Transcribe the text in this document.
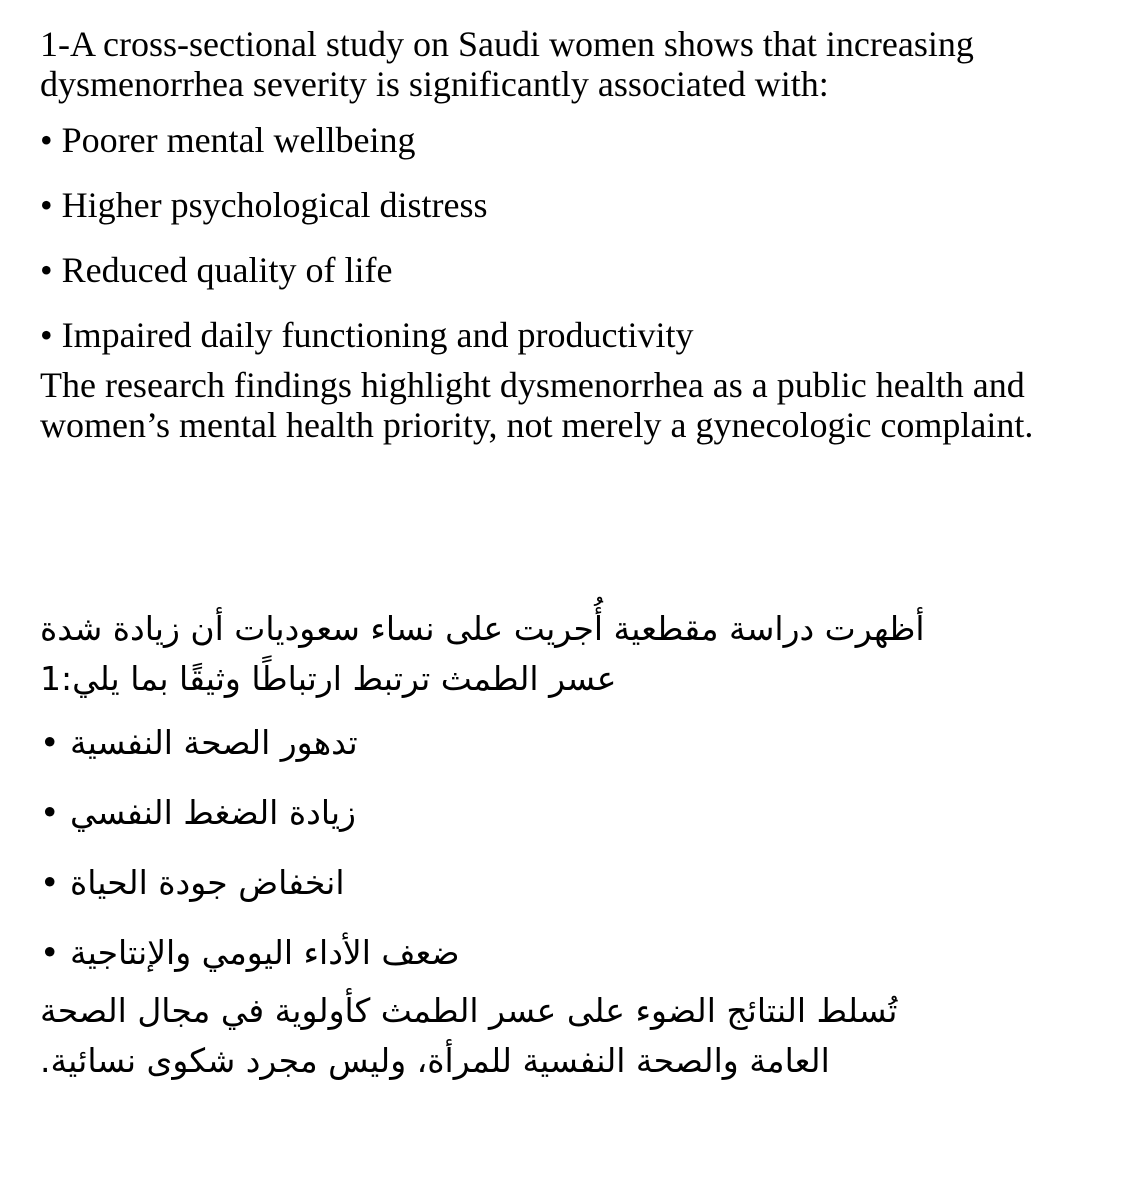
1-A cross-sectional study on Saudi women shows that increasing dysmenorrhea severity is significantly associated with:

• Poorer mental wellbeing

• Higher psychological distress

• Reduced quality of life

• Impaired daily functioning and productivity

The research findings highlight dysmenorrhea as a public health and women’s mental health priority, not merely a gynecologic complaint.

أظهرت دراسة مقطعية أُجريت على نساء سعوديات أن زيادة شدة
عسر الطمث ترتبط ارتباطًا وثيقًا بما يلي:1

تدهور الصحة النفسية •

زيادة الضغط النفسي •

انخفاض جودة الحياة •

ضعف الأداء اليومي والإنتاجية •

تُسلط النتائج الضوء على عسر الطمث كأولوية في مجال الصحة
العامة والصحة النفسية للمرأة، وليس مجرد شكوى نسائية.
